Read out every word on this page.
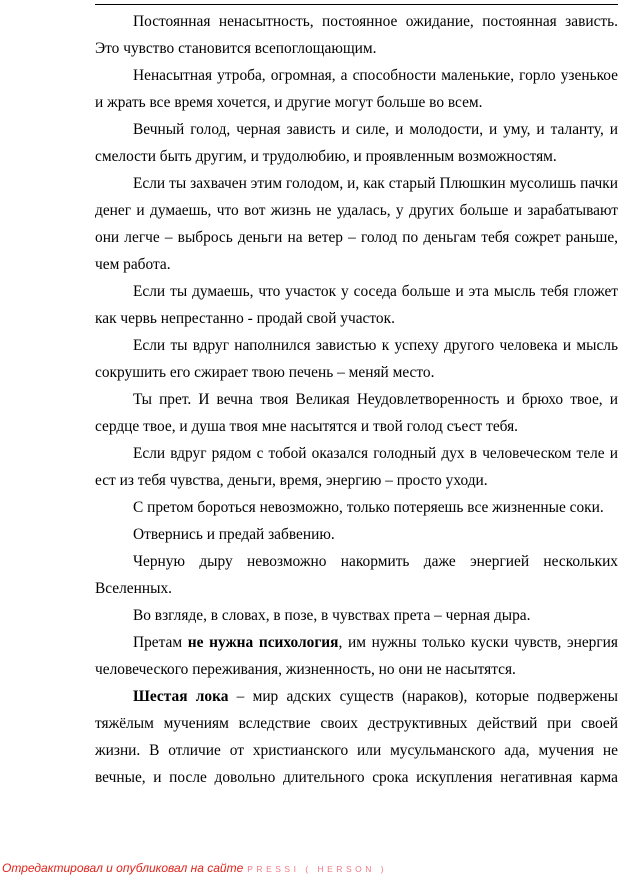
Постоянная ненасытность, постоянное ожидание, постоянная зависть. Это чувство становится всепоглощающим.

Ненасытная утроба, огромная, а способности маленькие, горло узенькое и жрать все время хочется, и другие могут больше во всем.

Вечный голод, черная зависть и силе, и молодости, и уму, и таланту, и смелости быть другим, и трудолюбию, и проявленным возможностям.

Если ты захвачен этим голодом, и, как старый Плюшкин мусолишь пачки денег и думаешь, что вот жизнь не удалась, у других больше и зарабатывают они легче – выбрось деньги на ветер – голод по деньгам тебя сожрет раньше, чем работа.

Если ты думаешь, что участок у соседа больше и эта мысль тебя гложет как червь непрестанно - продай свой участок.

Если ты вдруг наполнился завистью к успеху другого человека и мысль сокрушить его сжирает твою печень – меняй место.

Ты прет. И вечна твоя Великая Неудовлетворенность и брюхо твое, и сердце твое, и душа твоя мне насытятся и твой голод съест тебя.

Если вдруг рядом с тобой оказался голодный дух в человеческом теле и ест из тебя чувства, деньги, время, энергию – просто уходи.

С претом бороться невозможно, только потеряешь все жизненные соки.

Отвернись и предай забвению.

Черную дыру невозможно накормить даже энергией нескольких Вселенных.

Во взгляде, в словах, в позе, в чувствах прета – черная дыра.

Претам не нужна психология, им нужны только куски чувств, энергия человеческого переживания, жизненность, но они не насытятся.

Шестая лока – мир адских существ (нараков), которые подвержены тяжёлым мучениям вследствие своих деструктивных действий при своей жизни. В отличие от христианского или мусульманского ада, мучения не вечные, и после довольно длительного срока искупления негативная карма

Отредактировал и опубликовал на сайте PRESSI ( HERSON )
